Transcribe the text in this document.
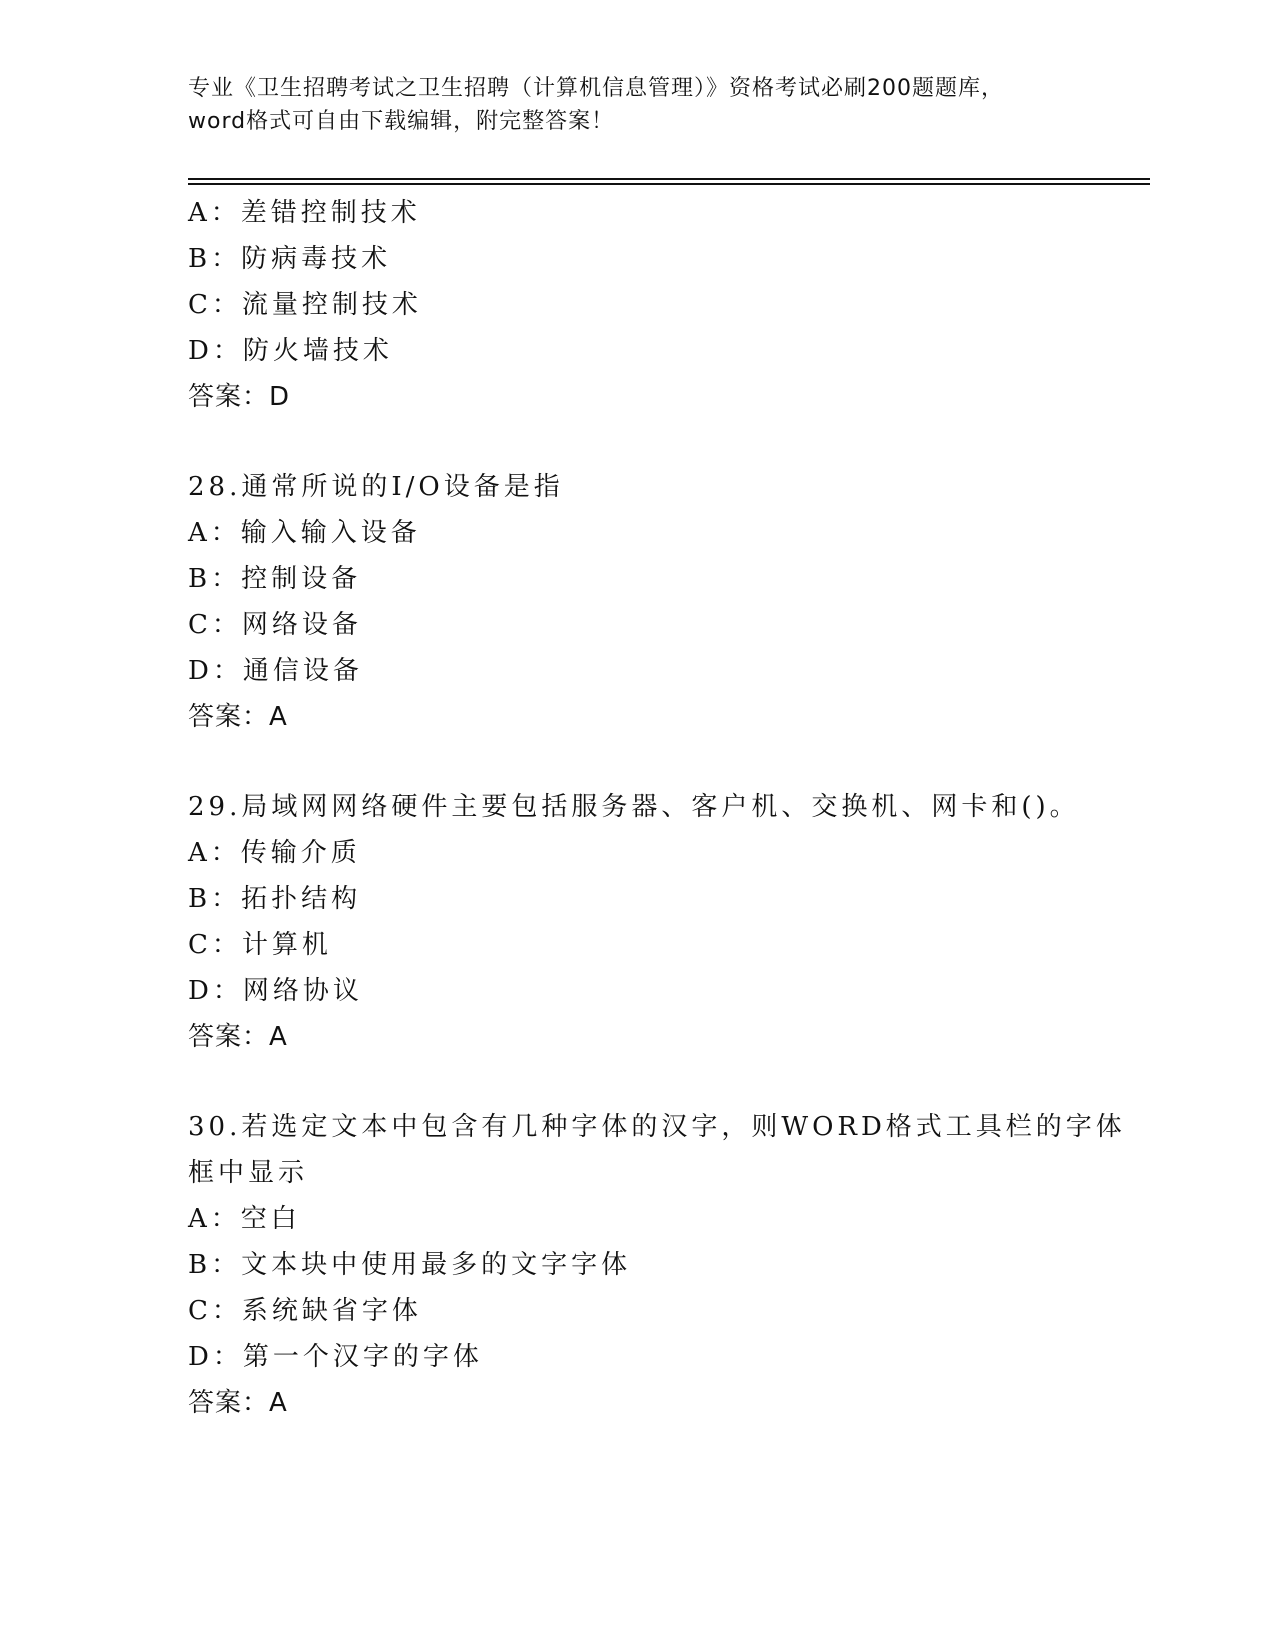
专业《卫生招聘考试之卫生招聘（计算机信息管理）》资格考试必刷200题题库，
word格式可自由下载编辑，附完整答案！
A：差错控制技术
B：防病毒技术
C：流量控制技术
D：防火墙技术
答案：D
28.通常所说的I/O设备是指
A：输入输入设备
B：控制设备
C：网络设备
D：通信设备
答案：A
29.局域网网络硬件主要包括服务器、客户机、交换机、网卡和()。
A：传输介质
B：拓扑结构
C：计算机
D：网络协议
答案：A
30.若选定文本中包含有几种字体的汉字，则WORD格式工具栏的字体
框中显示
A：空白
B：文本块中使用最多的文字字体
C：系统缺省字体
D：第一个汉字的字体
答案：A
